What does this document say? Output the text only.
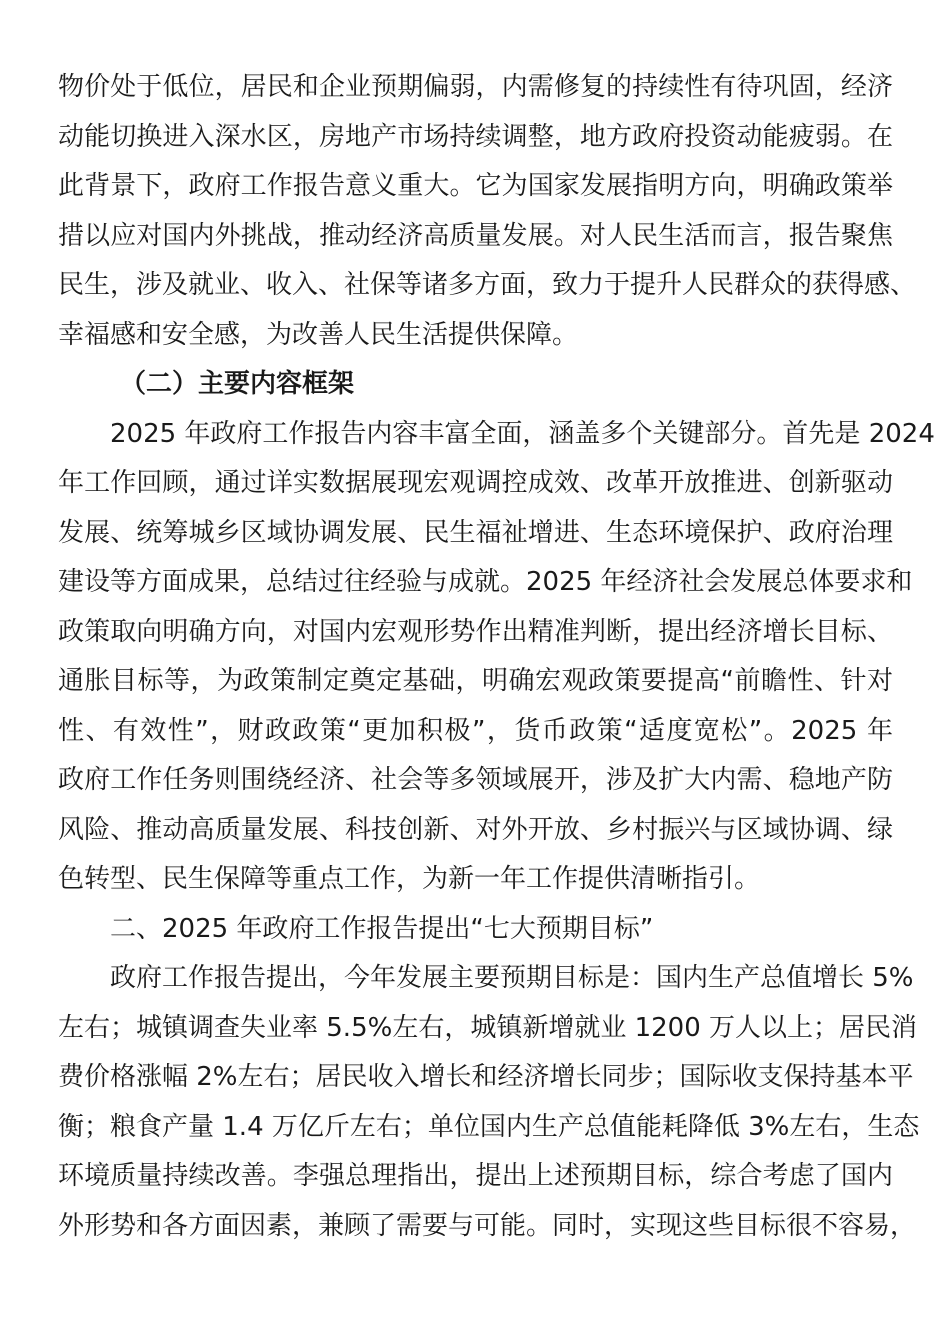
物价处于低位，居民和企业预期偏弱，内需修复的持续性有待巩固，经济
动能切换进入深水区，房地产市场持续调整，地方政府投资动能疲弱。在
此背景下，政府工作报告意义重大。它为国家发展指明方向，明确政策举
措以应对国内外挑战，推动经济高质量发展。对人民生活而言，报告聚焦
民生，涉及就业、收入、社保等诸多方面，致力于提升人民群众的获得感、
幸福感和安全感，为改善人民生活提供保障。
（二）主要内容框架
2025 年政府工作报告内容丰富全面，涵盖多个关键部分。首先是 2024
年工作回顾，通过详实数据展现宏观调控成效、改革开放推进、创新驱动
发展、统筹城乡区域协调发展、民生福祉增进、生态环境保护、政府治理
建设等方面成果，总结过往经验与成就。2025 年经济社会发展总体要求和
政策取向明确方向，对国内宏观形势作出精准判断，提出经济增长目标、
通胀目标等，为政策制定奠定基础，明确宏观政策要提高“前瞻性、针对
性、有效性”，财政政策“更加积极”，货币政策“适度宽松”。2025 年
政府工作任务则围绕经济、社会等多领域展开，涉及扩大内需、稳地产防
风险、推动高质量发展、科技创新、对外开放、乡村振兴与区域协调、绿
色转型、民生保障等重点工作，为新一年工作提供清晰指引。
二、2025 年政府工作报告提出“七大预期目标”
政府工作报告提出，今年发展主要预期目标是：国内生产总值增长 5%
左右；城镇调查失业率 5.5%左右，城镇新增就业 1200 万人以上；居民消
费价格涨幅 2%左右；居民收入增长和经济增长同步；国际收支保持基本平
衡；粮食产量 1.4 万亿斤左右；单位国内生产总值能耗降低 3%左右，生态
环境质量持续改善。李强总理指出，提出上述预期目标，综合考虑了国内
外形势和各方面因素，兼顾了需要与可能。同时，实现这些目标很不容易，
